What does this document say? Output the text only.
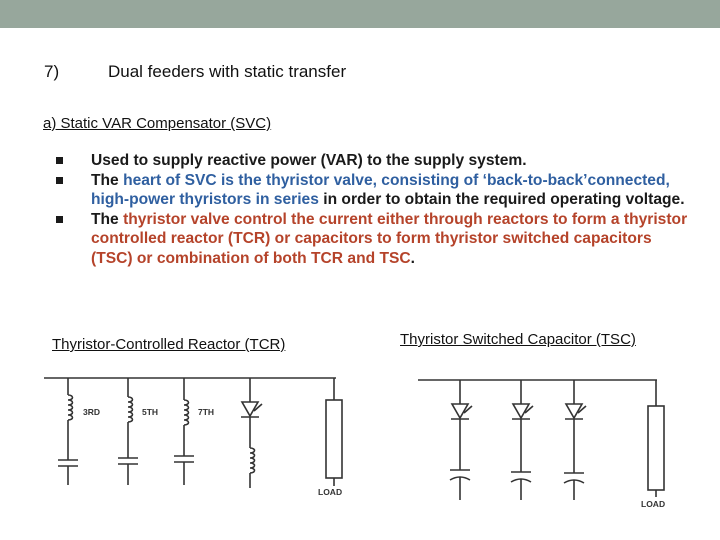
7)	Dual feeders with static transfer
a) Static VAR Compensator (SVC)
Used to supply reactive power (VAR) to the supply system.
The heart of SVC is the thyristor valve, consisting of ‘back-to-back’connected, high-power thyristors in series in order to obtain the required operating voltage.
The thyristor valve control the current either through reactors to form a thyristor controlled reactor (TCR) or capacitors to form thyristor switched capacitors (TSC) or combination of both TCR and TSC.
Thyristor-Controlled Reactor (TCR)	Thyristor Switched Capacitor (TSC)
3RD	5TH	7TH
LOAD
LOAD
